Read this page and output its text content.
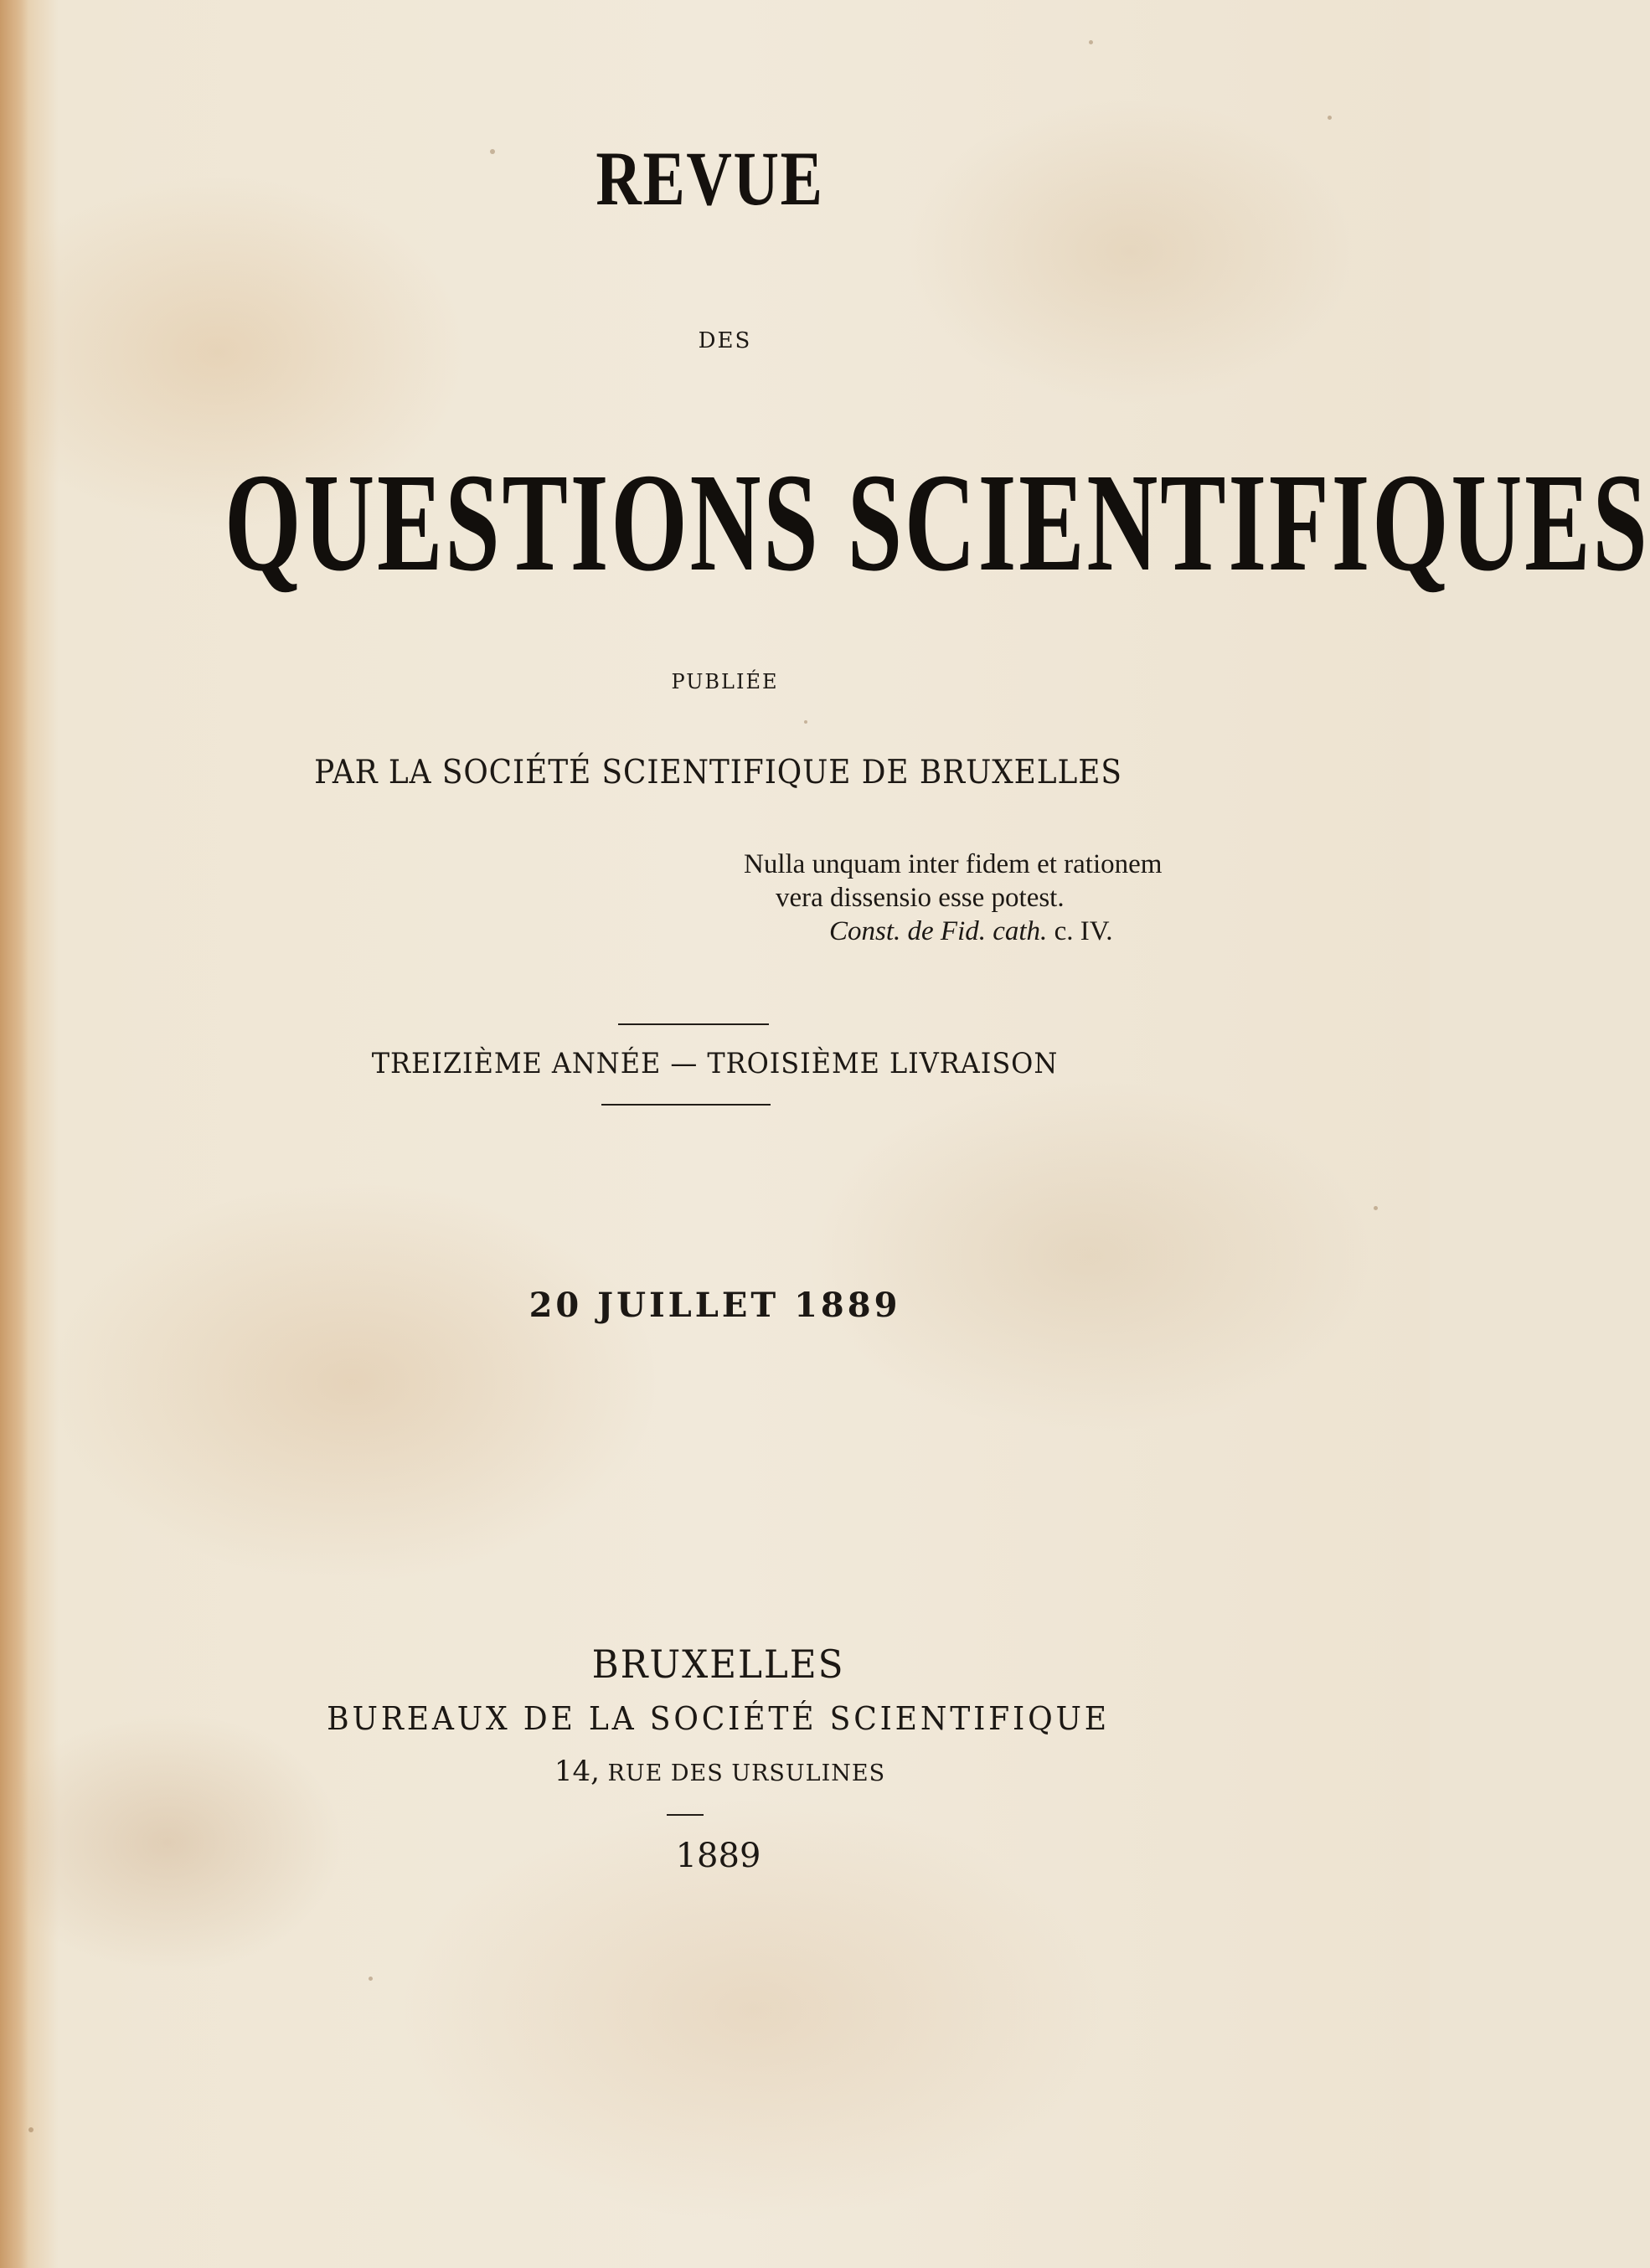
REVUE
DES
QUESTIONS SCIENTIFIQUES
PUBLIÉE
PAR LA SOCIÉTÉ SCIENTIFIQUE DE BRUXELLES
Nulla unquam inter fidem et rationem
vera dissensio esse potest.
Const. de Fid. cath. c. IV.
TREIZIÈME ANNÉE — TROISIÈME LIVRAISON
20 JUILLET 1889
BRUXELLES
BUREAUX DE LA SOCIÉTÉ SCIENTIFIQUE
14, RUE DES URSULINES
1889
